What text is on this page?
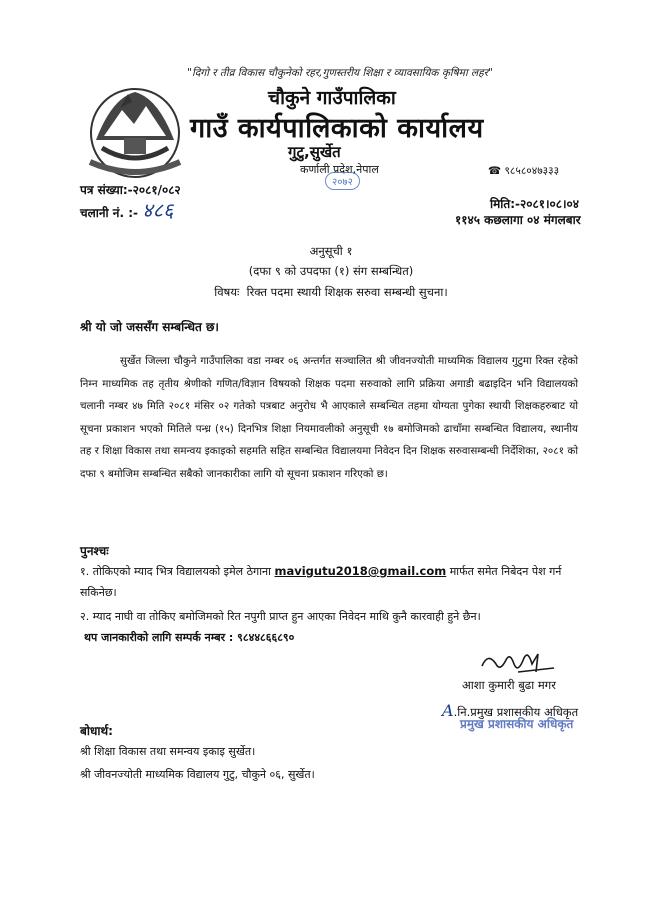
"दिगो र तीव्र विकास चौकुनेको रहर,गुणस्तरीय शिक्षा र व्यावसायिक कृषिमा लहर"
चौकुने गाउँपालिका
गाउँ कार्यपालिकाको कार्यालय
गुटु,सुर्खेत
कर्णाली प्रदेश,नेपाल	☎ ९८५८०४७३३३
२०७२
पत्र संख्या:-२०८१/०८२
चलानी नं. :- ४८६	मिति:-२०८१।०८।०४
११४५ कछलागा ०४ मंगलबार
अनुसूची १
(दफा ९ को उपदफा (१) संग सम्बन्धित)
विषयः रिक्त पदमा स्थायी शिक्षक सरुवा सम्बन्धी सुचना।
श्री यो जो जससँग सम्बन्धित छ।
सुर्खेत जिल्ला चौकुने गाउँपालिका वडा नम्बर ०६ अन्तर्गत सञ्चालित श्री जीवनज्योती माध्यमिक विद्यालय गुटुमा रिक्त रहेको निम्न माध्यमिक तह तृतीय श्रेणीको गणित/विज्ञान विषयको शिक्षक पदमा सरुवाको लागि प्रक्रिया अगाडी बढाइदिन भनि विद्यालयको चलानी नम्बर ४७ मिति २०८१ मंसिर ०२ गतेको पत्रबाट अनुरोध भै आएकाले सम्बन्धित तहमा योग्यता पुगेका स्थायी शिक्षकहरुबाट यो सूचना प्रकाशन भएको मितिले पन्ध्र (१५) दिनभित्र शिक्षा नियमावलीको अनुसूची १७ बमोजिमको ढाचाँमा सम्बन्धित विद्यालय, स्थानीय तह र शिक्षा विकास तथा समन्वय इकाइको सहमति सहित सम्बन्धित विद्यालयमा निवेदन दिन शिक्षक सरुवासम्बन्धी निर्देशिका, २०८१ को दफा ९ बमोजिम सम्बन्धित सबैको जानकारीका लागि यो सूचना प्रकाशन गरिएको छ।
पुनश्चः
१. तोकिएको म्याद भित्र विद्यालयको इमेल ठेगाना mavigutu2018@gmail.com मार्फत समेत निबेदन पेश गर्न
सकिनेछ।
२. म्याद नाघी वा तोकिए बमोजिमको रित नपुगी प्राप्त हुन आएका निवेदन माथि कुनै कारवाही हुने छैन।
थप जानकारीको लागि सम्पर्क नम्बर : ९८४४८६६८९०
आशा कुमारी बुढा मगर
A.नि.प्रमुख प्रशासकीय अधिकृत
प्रमुख प्रशासकीय अधिकृत
बोधार्थ:
श्री शिक्षा विकास तथा समन्वय इकाइ सुर्खेत।
श्री जीवनज्योती माध्यमिक विद्यालय गुटु, चौकुने ०६, सुर्खेत।
